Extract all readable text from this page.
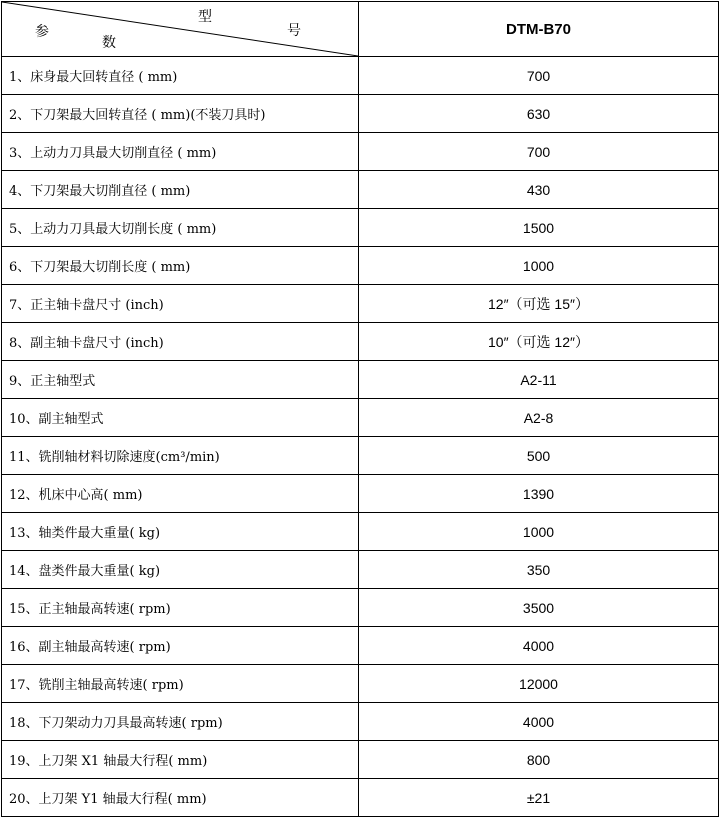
型
号
参
数	DTM-B70
1、床身最大回转直径 ( mm)	700
2、下刀架最大回转直径 ( mm)(不装刀具时)	630
3、上动力刀具最大切削直径 ( mm)	700
4、下刀架最大切削直径 ( mm)	430
5、上动力刀具最大切削长度 ( mm)	1500
6、下刀架最大切削长度 ( mm)	1000
7、正主轴卡盘尺寸 (inch)	12″（可选 15″）
8、副主轴卡盘尺寸 (inch)	10″（可选 12″）
9、正主轴型式	A2-11
10、副主轴型式	A2-8
11、铣削轴材料切除速度(cm³/min)	500
12、机床中心高( mm)	1390
13、轴类件最大重量( kg)	1000
14、盘类件最大重量( kg)	350
15、正主轴最高转速( rpm)	3500
16、副主轴最高转速( rpm)	4000
17、铣削主轴最高转速( rpm)	12000
18、下刀架动力刀具最高转速( rpm)	4000
19、上刀架 X1 轴最大行程( mm)	800
20、上刀架 Y1 轴最大行程( mm)	±21
